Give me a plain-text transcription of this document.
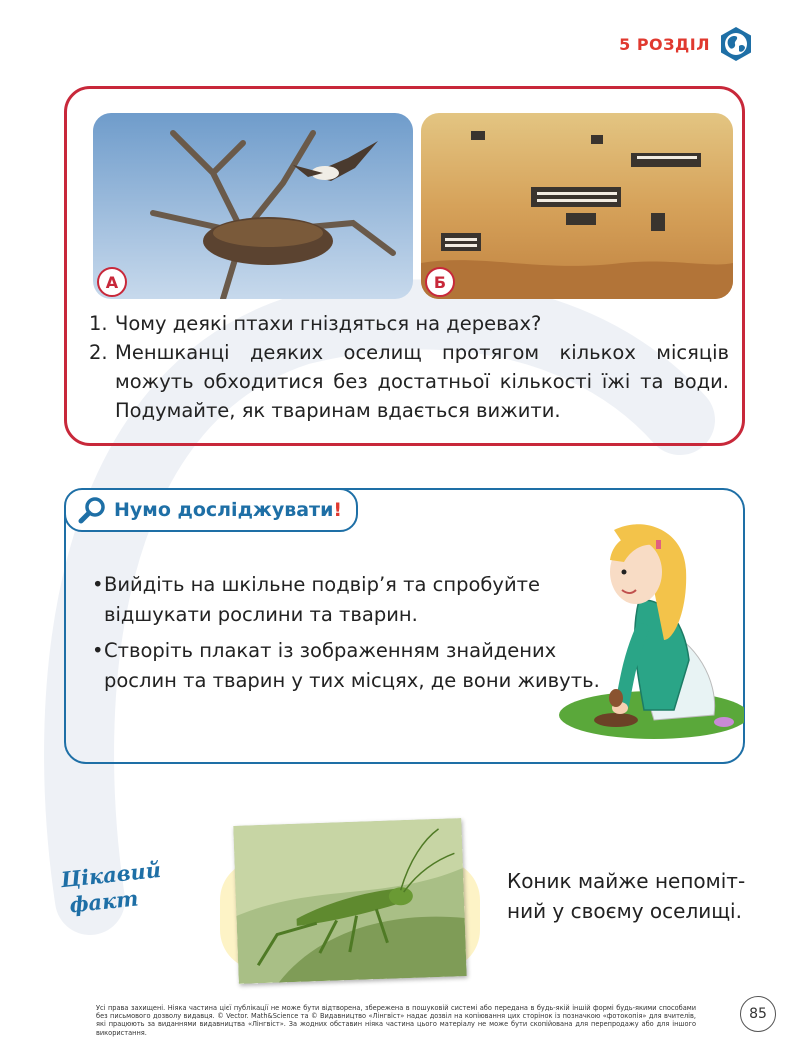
5 РОЗДІЛ
А	Б
1. Чому деякі птахи гніздяться на деревах?
2. Меншканці деяких оселищ протягом кількох місяців можуть обходитися без достатньої кількості їжі та води. Подумайте, як тваринам вдається вижити.
Нумо досліджувати!
• Вийдіть на шкільне подвір’я та спробуйте відшукати рослини та тварин.
• Створіть плакат із зображенням знайдених рослин та тварин у тих місцях, де вони живуть.
Цікавий
факт
Коник майже непоміт-ний у своєму оселищі.
Усі права захищені. Ніяка частина цієї публікації не може бути відтворена, збережена в пошуковій системі або передана в будь-якій іншій формі будь-якими способами без письмового дозволу видавця. © Vector. Math&Science та © Видавництво «Лінгвіст» надає дозвіл на копіювання цих сторінок із позначкою «фотокопія» для вчителів, які працюють за виданнями видавництва «Лінгвіст». За жодних обставин ніяка частина цього матеріалу не може бути скопійована для перепродажу або для іншого використання.
85
